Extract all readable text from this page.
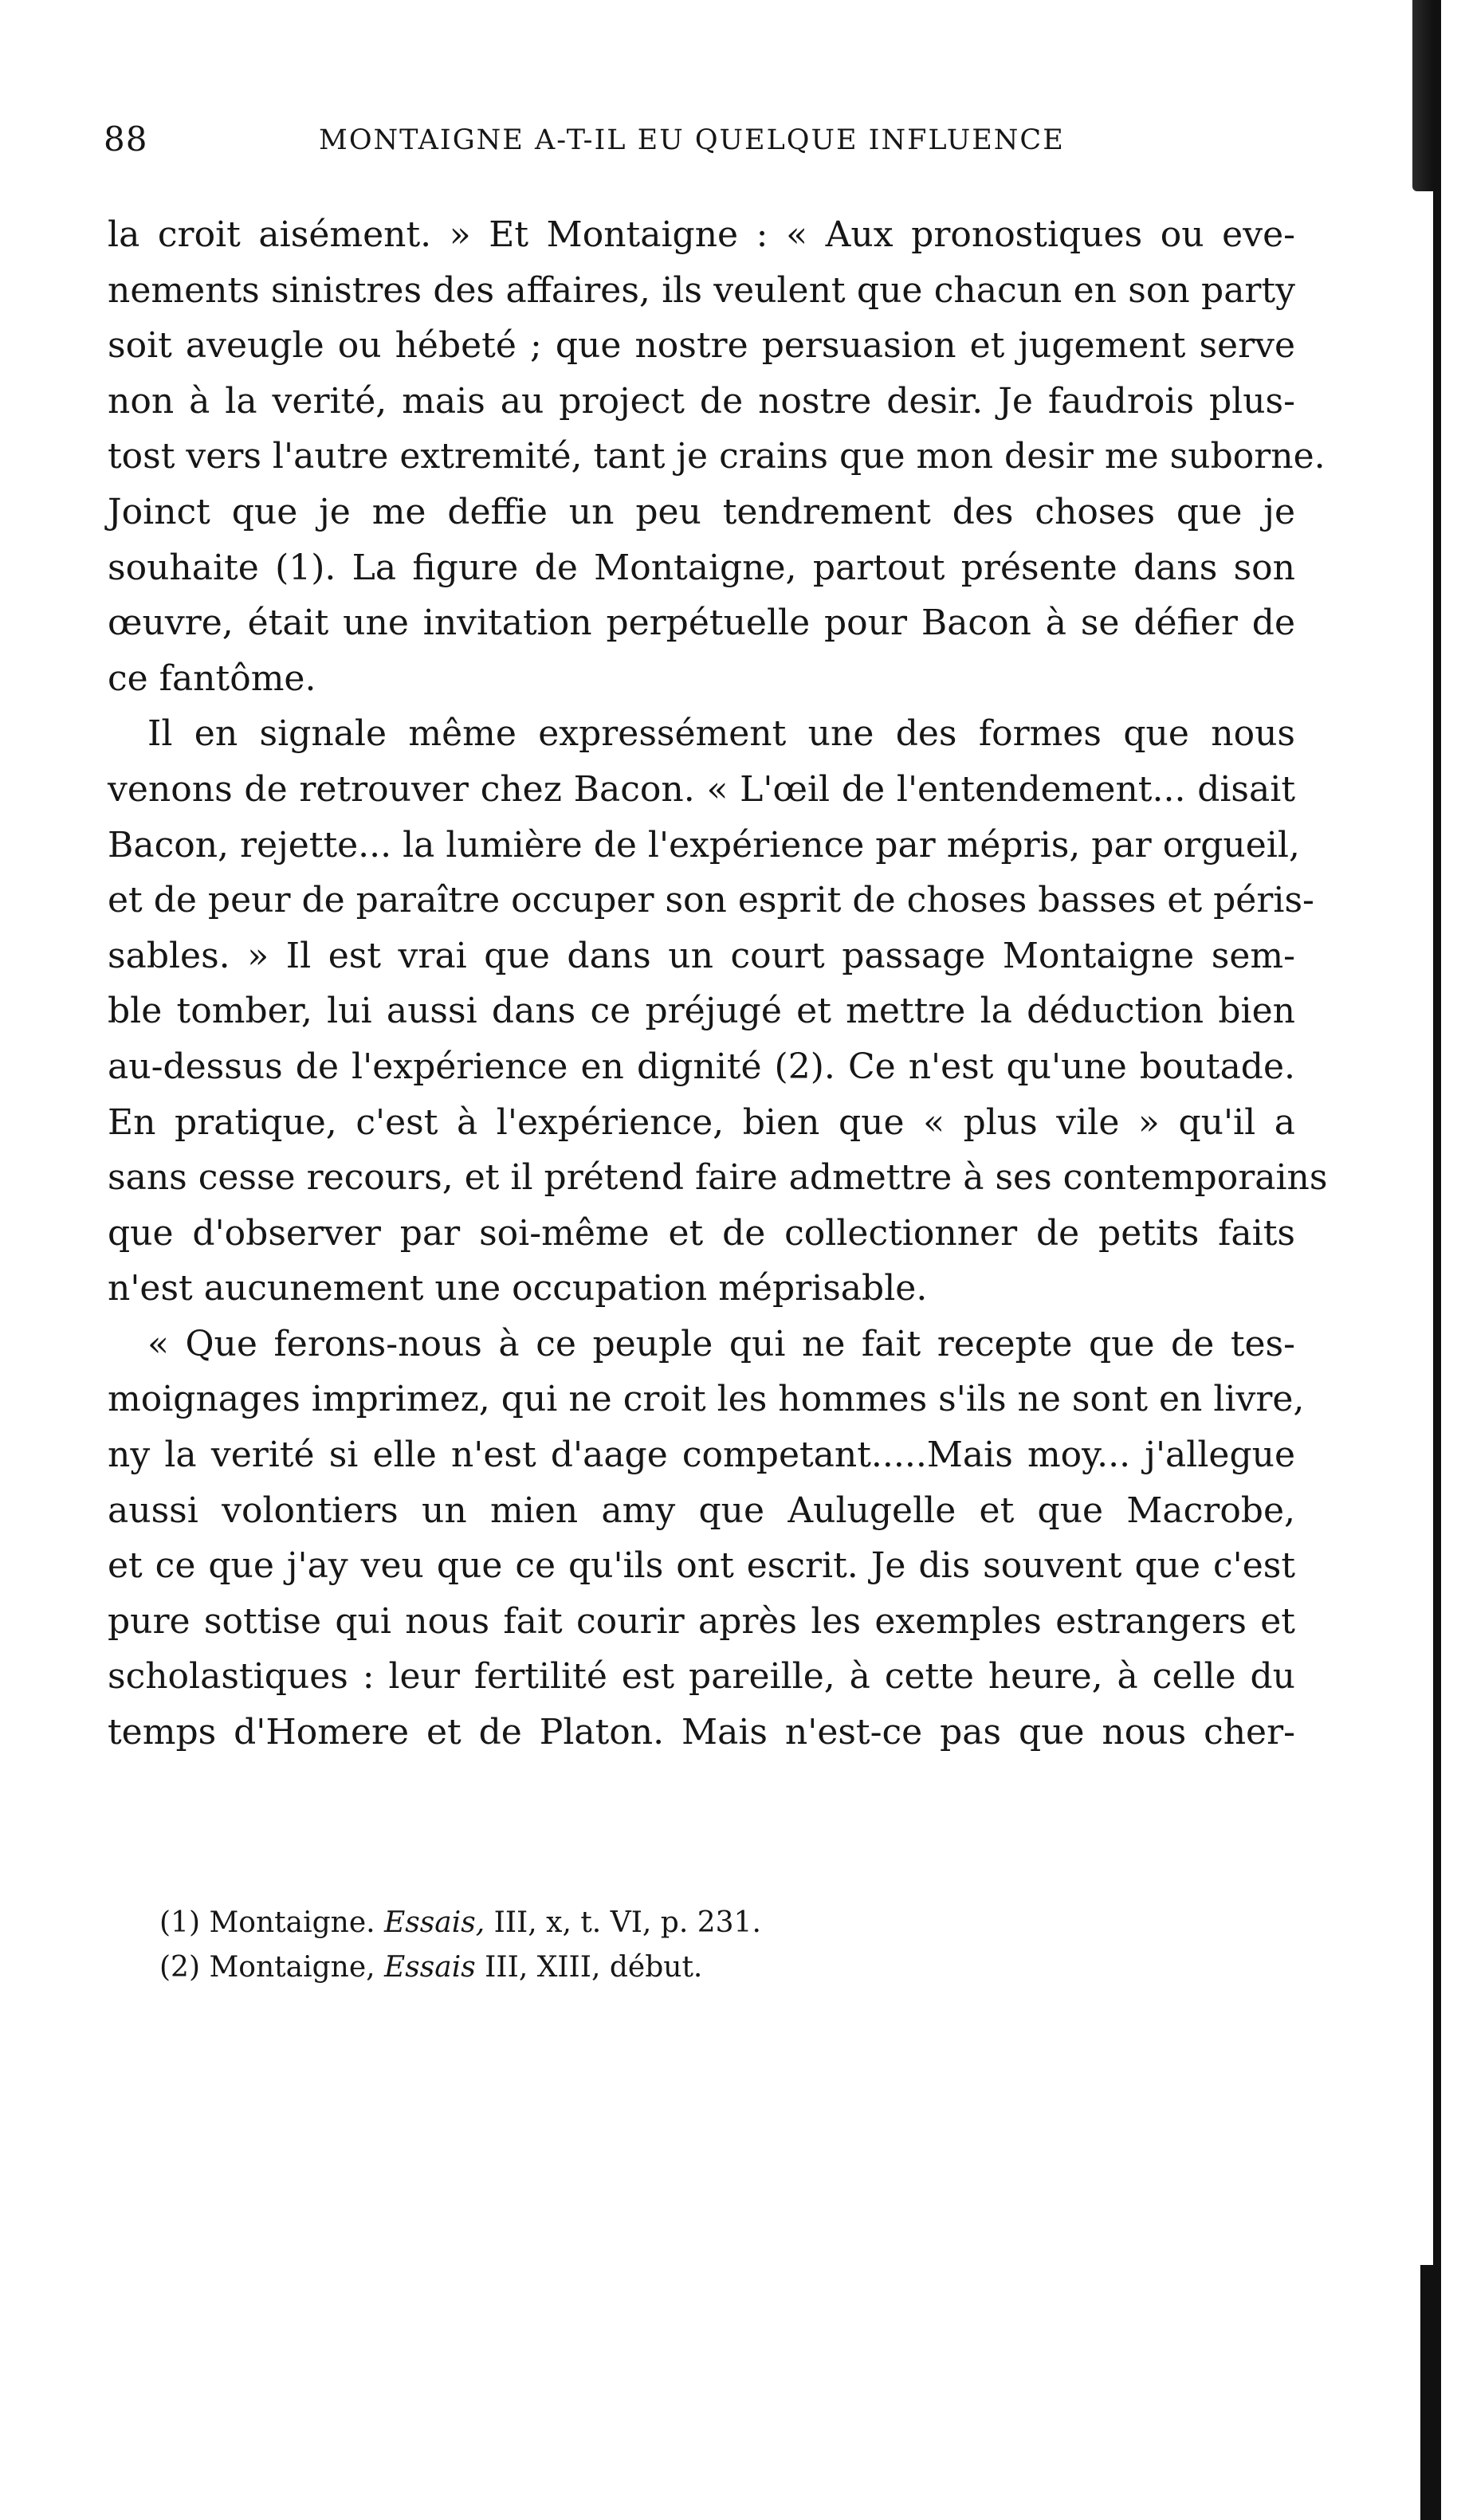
88	MONTAIGNE A-T-IL EU QUELQUE INFLUENCE
la croit aisément. » Et Montaigne : « Aux pronostiques ou eve-
nements sinistres des affaires, ils veulent que chacun en son party
soit aveugle ou hébeté ; que nostre persuasion et jugement serve
non à la verité, mais au project de nostre desir. Je faudrois plus-
tost vers l'autre extremité, tant je crains que mon desir me suborne.
Joinct que je me deffie un peu tendrement des choses que je
souhaite (1). La figure de Montaigne, partout présente dans son
œuvre, était une invitation perpétuelle pour Bacon à se défier de
ce fantôme.
Il en signale même expressément une des formes que nous
venons de retrouver chez Bacon. « L'œil de l'entendement... disait
Bacon, rejette... la lumière de l'expérience par mépris, par orgueil,
et de peur de paraître occuper son esprit de choses basses et péris-
sables. » Il est vrai que dans un court passage Montaigne sem-
ble tomber, lui aussi dans ce préjugé et mettre la déduction bien
au-dessus de l'expérience en dignité (2). Ce n'est qu'une boutade.
En pratique, c'est à l'expérience, bien que « plus vile » qu'il a
sans cesse recours, et il prétend faire admettre à ses contemporains
que d'observer par soi-même et de collectionner de petits faits
n'est aucunement une occupation méprisable.
« Que ferons-nous à ce peuple qui ne fait recepte que de tes-
moignages imprimez, qui ne croit les hommes s'ils ne sont en livre,
ny la verité si elle n'est d'aage competant.....Mais moy... j'allegue
aussi volontiers un mien amy que Aulugelle et que Macrobe,
et ce que j'ay veu que ce qu'ils ont escrit. Je dis souvent que c'est
pure sottise qui nous fait courir après les exemples estrangers et
scholastiques : leur fertilité est pareille, à cette heure, à celle du
temps d'Homere et de Platon. Mais n'est-ce pas que nous cher-
(1) Montaigne. Essais, III, x, t. VI, p. 231.
(2) Montaigne, Essais III, XIII, début.
